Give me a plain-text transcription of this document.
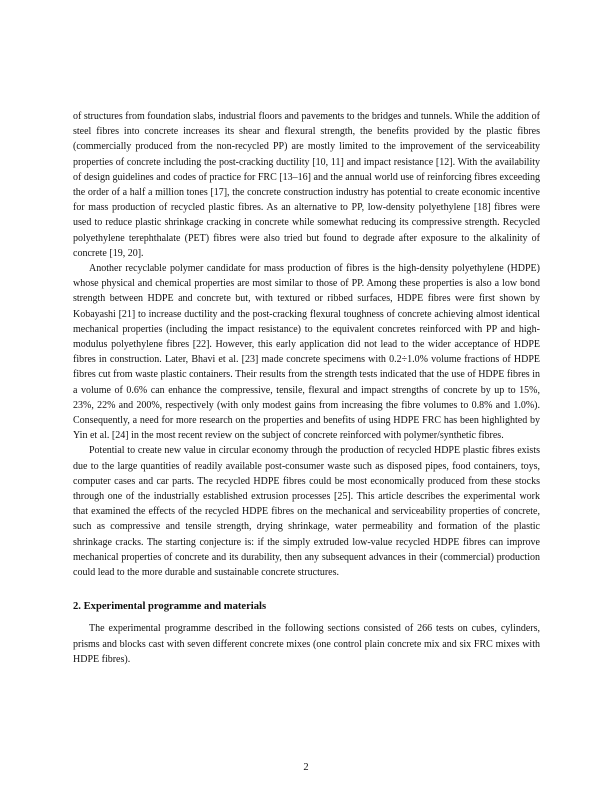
of structures from foundation slabs, industrial floors and pavements to the bridges and tunnels. While the addition of steel fibres into concrete increases its shear and flexural strength, the benefits provided by the plastic fibres (commercially produced from the non-recycled PP) are mostly limited to the improvement of the serviceability properties of concrete including the post-cracking ductility [10, 11] and impact resistance [12]. With the availability of design guidelines and codes of practice for FRC [13–16] and the annual world use of reinforcing fibres exceeding the order of a half a million tones [17], the concrete construction industry has potential to create economic incentive for mass production of recycled plastic fibres. As an alternative to PP, low-density polyethylene [18] fibres were used to reduce plastic shrinkage cracking in concrete while somewhat reducing its compressive strength. Recycled polyethylene terephthalate (PET) fibres were also tried but found to degrade after exposure to the alkalinity of concrete [19, 20].

Another recyclable polymer candidate for mass production of fibres is the high-density polyethylene (HDPE) whose physical and chemical properties are most similar to those of PP. Among these properties is also a low bond strength between HDPE and concrete but, with textured or ribbed surfaces, HDPE fibres were first shown by Kobayashi [21] to increase ductility and the post-cracking flexural toughness of concrete achieving almost identical mechanical properties (including the impact resistance) to the equivalent concretes reinforced with PP and high-modulus polyethylene fibres [22]. However, this early application did not lead to the wider acceptance of HDPE fibres in construction. Later, Bhavi et al. [23] made concrete specimens with 0.2÷1.0% volume fractions of HDPE fibres cut from waste plastic containers. Their results from the strength tests indicated that the use of HDPE fibres in a volume of 0.6% can enhance the compressive, tensile, flexural and impact strengths of concrete by up to 15%, 23%, 22% and 200%, respectively (with only modest gains from increasing the fibre volumes to 0.8% and 1.0%). Consequently, a need for more research on the properties and benefits of using HDPE FRC has been highlighted by Yin et al. [24] in the most recent review on the subject of concrete reinforced with polymer/synthetic fibres.

Potential to create new value in circular economy through the production of recycled HDPE plastic fibres exists due to the large quantities of readily available post-consumer waste such as disposed pipes, food containers, toys, computer cases and car parts. The recycled HDPE fibres could be most economically produced from these stocks through one of the industrially established extrusion processes [25]. This article describes the experimental work that examined the effects of the recycled HDPE fibres on the mechanical and serviceability properties of concrete, such as compressive and tensile strength, drying shrinkage, water permeability and formation of the plastic shrinkage cracks. The starting conjecture is: if the simply extruded low-value recycled HDPE fibres can improve mechanical properties of concrete and its durability, then any subsequent advances in their (commercial) production could lead to the more durable and sustainable concrete structures.

2. Experimental programme and materials

The experimental programme described in the following sections consisted of 266 tests on cubes, cylinders, prisms and blocks cast with seven different concrete mixes (one control plain concrete mix and six FRC mixes with HDPE fibres).

2
